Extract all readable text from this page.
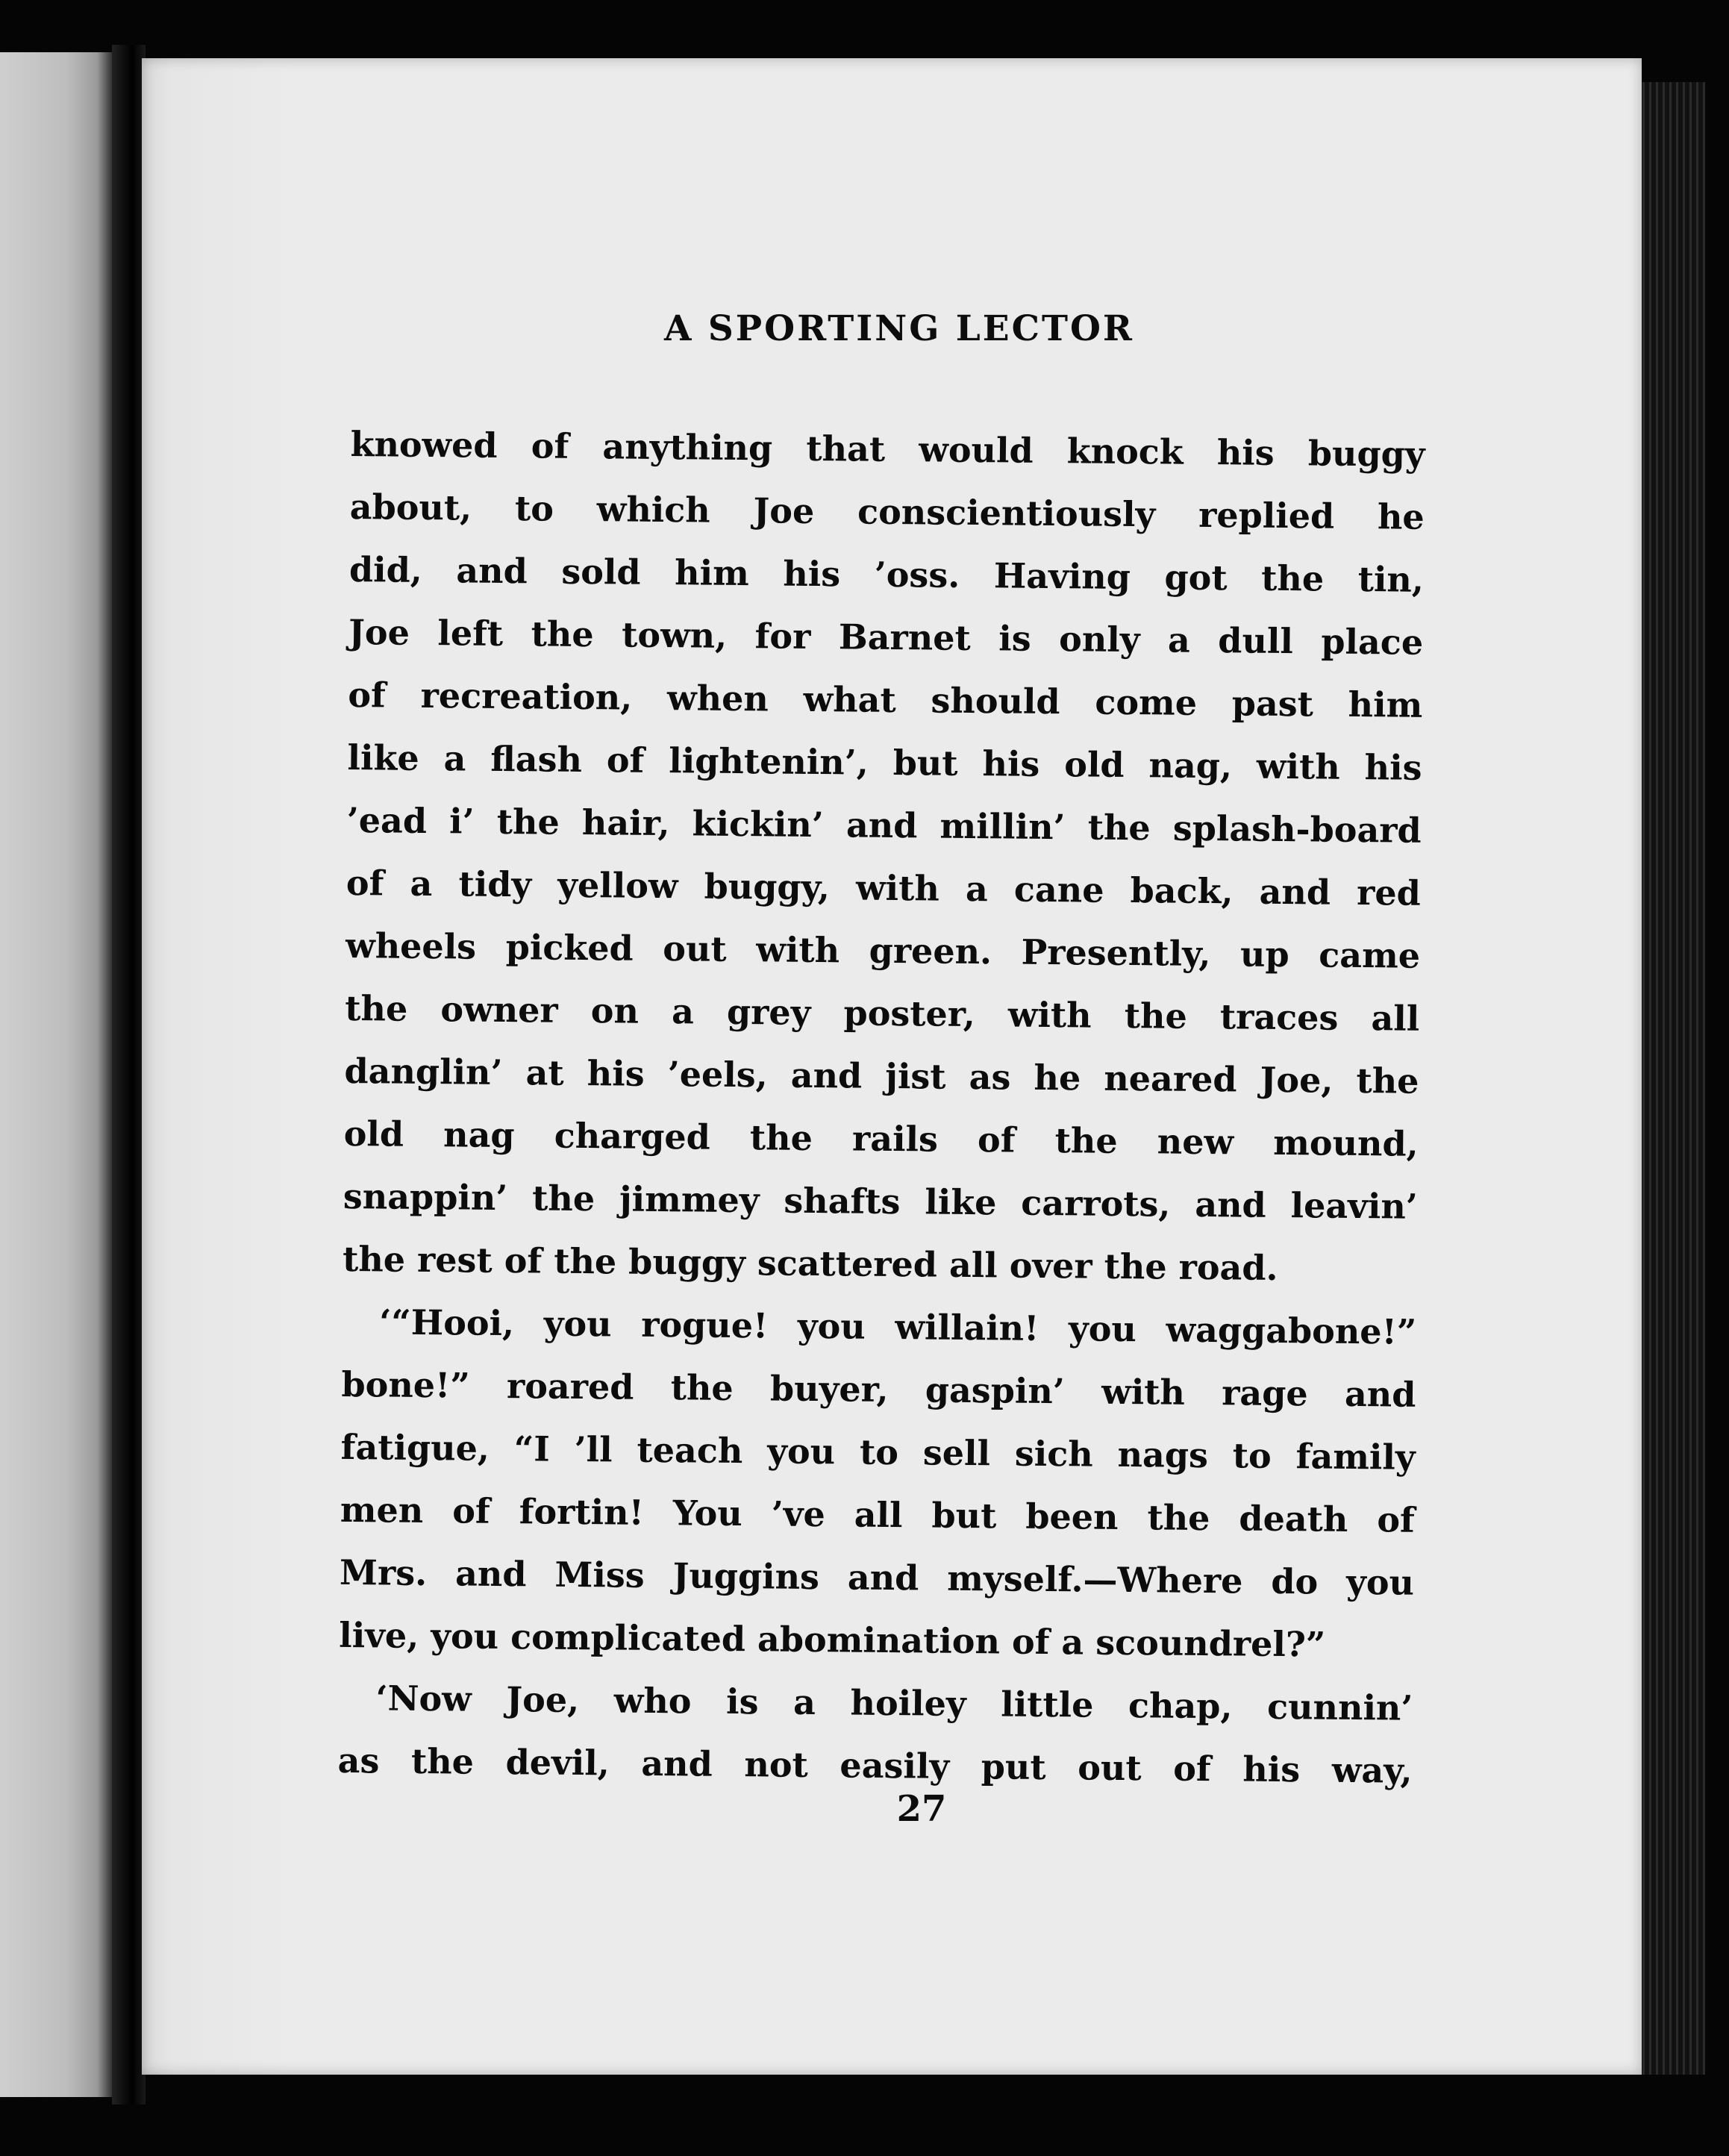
A SPORTING LECTOR
knowed of anything that would knock his buggy
about, to which Joe conscientiously replied he
did, and sold him his ’oss. Having got the tin,
Joe left the town, for Barnet is only a dull place
of recreation, when what should come past him
like a flash of lightenin’, but his old nag, with his
’ead i’ the hair, kickin’ and millin’ the splash-board
of a tidy yellow buggy, with a cane back, and red
wheels picked out with green. Presently, up came
the owner on a grey poster, with the traces all
danglin’ at his ’eels, and jist as he neared Joe, the
old nag charged the rails of the new mound,
snappin’ the jimmey shafts like carrots, and leavin’
the rest of the buggy scattered all over the road.
‘“Hooi, you rogue! you willain! you waggabone!”
bone!” roared the buyer, gaspin’ with rage and
fatigue, “I ’ll teach you to sell sich nags to family
men of fortin! You ’ve all but been the death of
Mrs. and Miss Juggins and myself.—Where do you
live, you complicated abomination of a scoundrel?”
‘Now Joe, who is a hoiley little chap, cunnin’
as the devil, and not easily put out of his way,
27
